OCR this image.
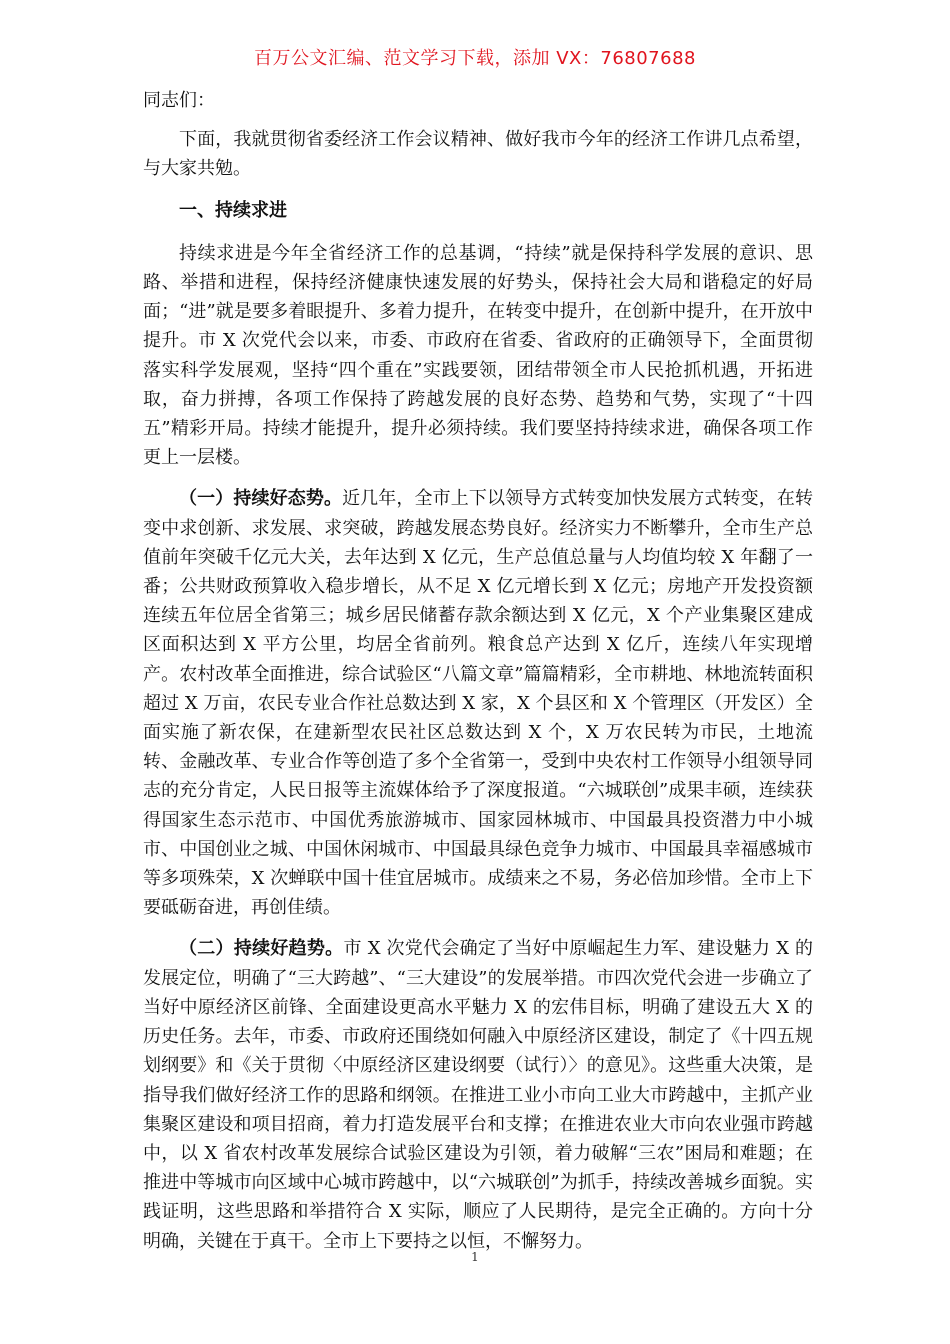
百万公文汇编、范文学习下载，添加 VX：76807688

同志们：

下面，我就贯彻省委经济工作会议精神、做好我市今年的经济工作讲几点希望，与大家共勉。

一、持续求进

持续求进是今年全省经济工作的总基调，“持续”就是保持科学发展的意识、思路、举措和进程，保持经济健康快速发展的好势头，保持社会大局和谐稳定的好局面；“进”就是要多着眼提升、多着力提升，在转变中提升，在创新中提升，在开放中提升。市 X 次党代会以来，市委、市政府在省委、省政府的正确领导下，全面贯彻落实科学发展观，坚持“四个重在”实践要领，团结带领全市人民抢抓机遇，开拓进取，奋力拼搏，各项工作保持了跨越发展的良好态势、趋势和气势，实现了“十四五”精彩开局。持续才能提升，提升必须持续。我们要坚持持续求进，确保各项工作更上一层楼。

（一）持续好态势。近几年，全市上下以领导方式转变加快发展方式转变，在转变中求创新、求发展、求突破，跨越发展态势良好。经济实力不断攀升，全市生产总值前年突破千亿元大关，去年达到 X 亿元，生产总值总量与人均值均较 X 年翻了一番；公共财政预算收入稳步增长，从不足 X 亿元增长到 X 亿元；房地产开发投资额连续五年位居全省第三；城乡居民储蓄存款余额达到 X 亿元，X 个产业集聚区建成区面积达到 X 平方公里，均居全省前列。粮食总产达到 X 亿斤，连续八年实现增产。农村改革全面推进，综合试验区“八篇文章”篇篇精彩，全市耕地、林地流转面积超过 X 万亩，农民专业合作社总数达到 X 家，X 个县区和 X 个管理区（开发区）全面实施了新农保，在建新型农民社区总数达到 X 个，X 万农民转为市民，土地流转、金融改革、专业合作等创造了多个全省第一，受到中央农村工作领导小组领导同志的充分肯定，人民日报等主流媒体给予了深度报道。“六城联创”成果丰硕，连续获得国家生态示范市、中国优秀旅游城市、国家园林城市、中国最具投资潜力中小城市、中国创业之城、中国休闲城市、中国最具绿色竞争力城市、中国最具幸福感城市等多项殊荣，X 次蝉联中国十佳宜居城市。成绩来之不易，务必倍加珍惜。全市上下要砥砺奋进，再创佳绩。

（二）持续好趋势。市 X 次党代会确定了当好中原崛起生力军、建设魅力 X 的发展定位，明确了“三大跨越”、“三大建设”的发展举措。市四次党代会进一步确立了当好中原经济区前锋、全面建设更高水平魅力 X 的宏伟目标，明确了建设五大 X 的历史任务。去年，市委、市政府还围绕如何融入中原经济区建设，制定了《十四五规划纲要》和《关于贯彻〈中原经济区建设纲要（试行）〉的意见》。这些重大决策，是指导我们做好经济工作的思路和纲领。在推进工业小市向工业大市跨越中，主抓产业集聚区建设和项目招商，着力打造发展平台和支撑；在推进农业大市向农业强市跨越中，以 X 省农村改革发展综合试验区建设为引领，着力破解“三农”困局和难题；在推进中等城市向区域中心城市跨越中，以“六城联创”为抓手，持续改善城乡面貌。实践证明，这些思路和举措符合 X 实际，顺应了人民期待，是完全正确的。方向十分明确，关键在于真干。全市上下要持之以恒，不懈努力。

1
